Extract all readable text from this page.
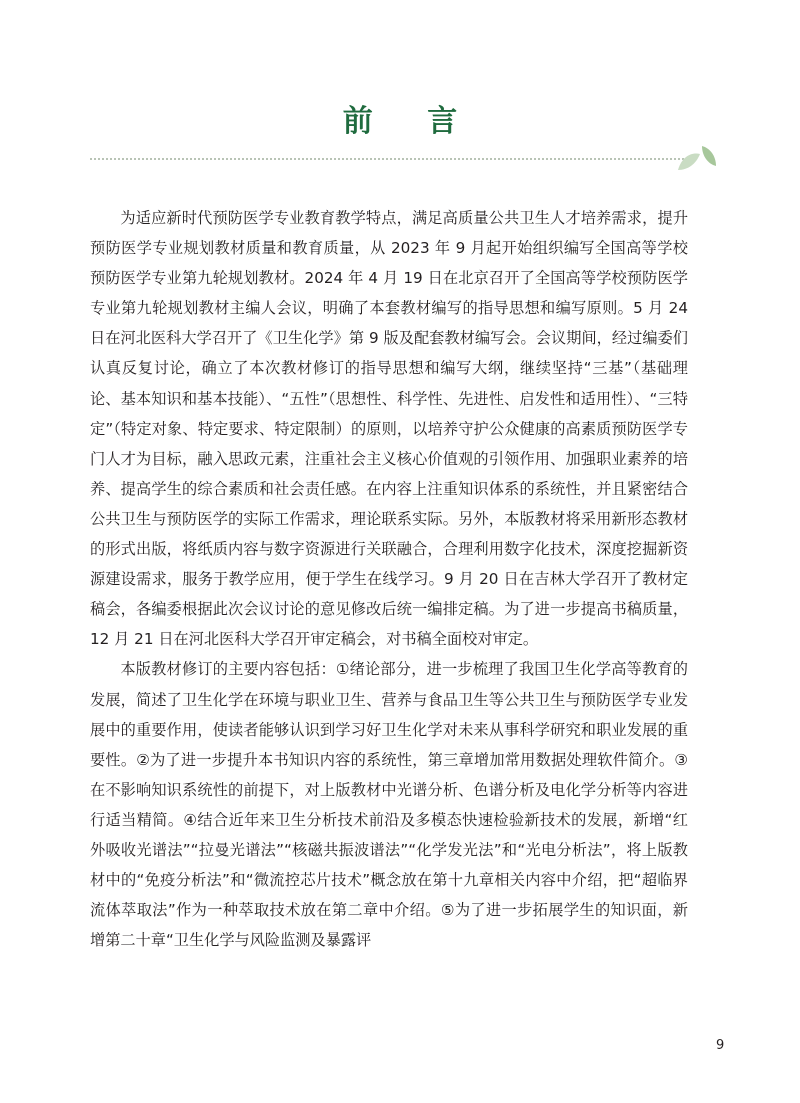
前 言

为适应新时代预防医学专业教育教学特点，满足高质量公共卫生人才培养需求，提升预防医学专业规划教材质量和教育质量，从 2023 年 9 月起开始组织编写全国高等学校预防医学专业第九轮规划教材。2024 年 4 月 19 日在北京召开了全国高等学校预防医学专业第九轮规划教材主编人会议，明确了本套教材编写的指导思想和编写原则。5 月 24 日在河北医科大学召开了《卫生化学》第 9 版及配套教材编写会。会议期间，经过编委们认真反复讨论，确立了本次教材修订的指导思想和编写大纲，继续坚持“三基”（基础理论、基本知识和基本技能）、“五性”（思想性、科学性、先进性、启发性和适用性）、“三特定”（特定对象、特定要求、特定限制）的原则，以培养守护公众健康的高素质预防医学专门人才为目标，融入思政元素，注重社会主义核心价值观的引领作用、加强职业素养的培养、提高学生的综合素质和社会责任感。在内容上注重知识体系的系统性，并且紧密结合公共卫生与预防医学的实际工作需求，理论联系实际。另外，本版教材将采用新形态教材的形式出版，将纸质内容与数字资源进行关联融合，合理利用数字化技术，深度挖掘新资源建设需求，服务于教学应用，便于学生在线学习。9 月 20 日在吉林大学召开了教材定稿会，各编委根据此次会议讨论的意见修改后统一编排定稿。为了进一步提高书稿质量，12 月 21 日在河北医科大学召开审定稿会，对书稿全面校对审定。

本版教材修订的主要内容包括：①绪论部分，进一步梳理了我国卫生化学高等教育的发展，简述了卫生化学在环境与职业卫生、营养与食品卫生等公共卫生与预防医学专业发展中的重要作用，使读者能够认识到学习好卫生化学对未来从事科学研究和职业发展的重要性。②为了进一步提升本书知识内容的系统性，第三章增加常用数据处理软件简介。③在不影响知识系统性的前提下，对上版教材中光谱分析、色谱分析及电化学分析等内容进行适当精简。④结合近年来卫生分析技术前沿及多模态快速检验新技术的发展，新增“红外吸收光谱法”“拉曼光谱法”“核磁共振波谱法”“化学发光法”和“光电分析法”，将上版教材中的“免疫分析法”和“微流控芯片技术”概念放在第十九章相关内容中介绍，把“超临界流体萃取法”作为一种萃取技术放在第二章中介绍。⑤为了进一步拓展学生的知识面，新增第二十章“卫生化学与风险监测及暴露评

9
